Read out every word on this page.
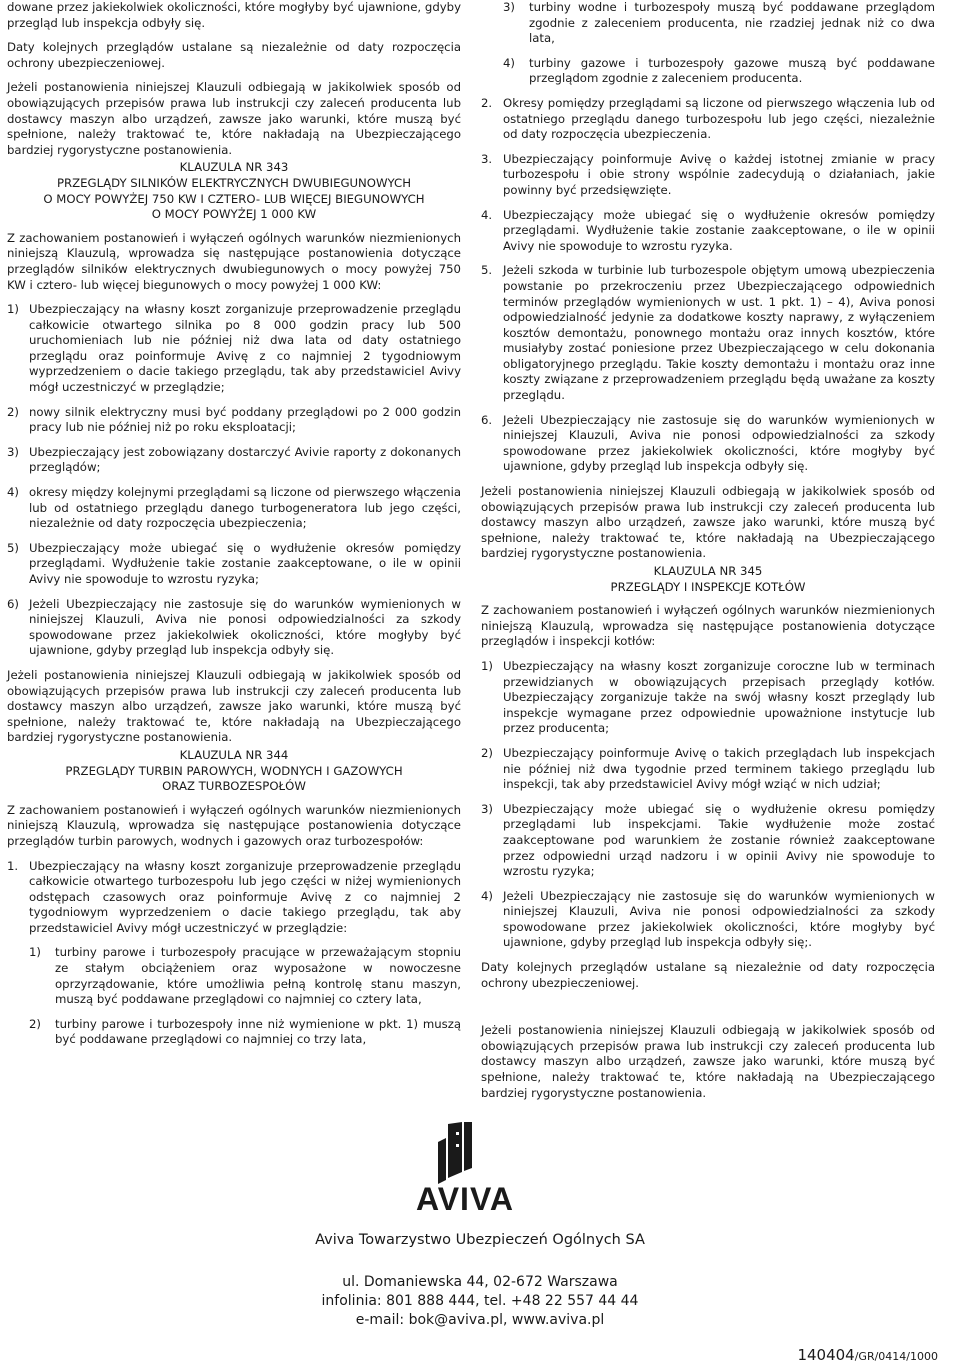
dowane przez jakiekolwiek okoliczności, które mogłyby być ujawnione, gdyby przegląd lub inspekcja odbyły się.

Daty kolejnych przeglądów ustalane są niezależnie od daty rozpoczęcia ochrony ubezpieczeniowej.

Jeżeli postanowienia niniejszej Klauzuli odbiegają w jakikolwiek sposób od obowiązujących przepisów prawa lub instrukcji czy zaleceń producenta lub dostawcy maszyn albo urządzeń, zawsze jako warunki, które muszą być spełnione, należy traktować te, które nakładają na Ubezpieczającego bardziej rygorystyczne postanowienia.

KLAUZULA NR 343
PRZEGLĄDY SILNIKÓW ELEKTRYCZNYCH DWUBIEGUNOWYCH
O MOCY POWYŻEJ 750 KW I CZTERO- LUB WIĘCEJ BIEGUNOWYCH
O MOCY POWYŻEJ 1 000 KW

Z zachowaniem postanowień i wyłączeń ogólnych warunków niezmienionych niniejszą Klauzulą, wprowadza się następujące postanowienia dotyczące przeglądów silników elektrycznych dwubiegunowych o mocy powyżej 750 KW i cztero- lub więcej biegunowych o mocy powyżej 1 000 KW:

1) Ubezpieczający na własny koszt zorganizuje przeprowadzenie przeglądu całkowicie otwartego silnika po 8 000 godzin pracy lub 500 uruchomieniach lub nie później niż dwa lata od daty ostatniego przeglądu oraz poinformuje Avivę z co najmniej 2 tygodniowym wyprzedzeniem o dacie takiego przeglądu, tak aby przedstawiciel Avivy mógł uczestniczyć w przeglądzie;
2) nowy silnik elektryczny musi być poddany przeglądowi po 2 000 godzin pracy lub nie później niż po roku eksploatacji;
3) Ubezpieczający jest zobowiązany dostarczyć Avivie raporty z dokonanych przeglądów;
4) okresy między kolejnymi przeglądami są liczone od pierwszego włączenia lub od ostatniego przeglądu danego turbogeneratora lub jego części, niezależnie od daty rozpoczęcia ubezpieczenia;
5) Ubezpieczający może ubiegać się o wydłużenie okresów pomiędzy przeglądami. Wydłużenie takie zostanie zaakceptowane, o ile w opinii Avivy nie spowoduje to wzrostu ryzyka;
6) Jeżeli Ubezpieczający nie zastosuje się do warunków wymienionych w niniejszej Klauzuli, Aviva nie ponosi odpowiedzialności za szkody spowodowane przez jakiekolwiek okoliczności, które mogłyby być ujawnione, gdyby przegląd lub inspekcja odbyły się.

Jeżeli postanowienia niniejszej Klauzuli odbiegają w jakikolwiek sposób od obowiązujących przepisów prawa lub instrukcji czy zaleceń producenta lub dostawcy maszyn albo urządzeń, zawsze jako warunki, które muszą być spełnione, należy traktować te, które nakładają na Ubezpieczającego bardziej rygorystyczne postanowienia.

KLAUZULA NR 344
PRZEGLĄDY TURBIN PAROWYCH, WODNYCH I GAZOWYCH
ORAZ TURBOZESPOŁÓW

Z zachowaniem postanowień i wyłączeń ogólnych warunków niezmienionych niniejszą Klauzulą, wprowadza się następujące postanowienia dotyczące przeglądów turbin parowych, wodnych i gazowych oraz turbozespołów:

1. Ubezpieczający na własny koszt zorganizuje przeprowadzenie przeglądu całkowicie otwartego turbozespołu lub jego części w niżej wymienionych odstępach czasowych oraz poinformuje Avivę z co najmniej 2 tygodniowym wyprzedzeniem o dacie takiego przeglądu, tak aby przedstawiciel Avivy mógł uczestniczyć w przeglądzie:
1)	turbiny parowe i turbozespoły pracujące w przeważającym stopniu ze stałym obciążeniem oraz wyposażone w nowoczesne oprzyrządowanie, które umożliwia pełną kontrolę stanu maszyn, muszą być poddawane przeglądowi co najmniej co cztery lata,
2)	turbiny parowe i turbozespoły inne niż wymienione w pkt. 1) muszą być poddawane przeglądowi co najmniej co trzy lata,
3)	turbiny wodne i turbozespoły muszą być poddawane przeglądom zgodnie z zaleceniem producenta, nie rzadziej jednak niż co dwa lata,
4)	turbiny gazowe i turbozespoły gazowe muszą być poddawane przeglądom zgodnie z zaleceniem producenta.
2. Okresy pomiędzy przeglądami są liczone od pierwszego włączenia lub od ostatniego przeglądu danego turbozespołu lub jego części, niezależnie od daty rozpoczęcia ubezpieczenia.
3. Ubezpieczający poinformuje Avivę o każdej istotnej zmianie w pracy turbozespołu i obie strony wspólnie zadecydują o działaniach, jakie powinny być przedsięwzięte.
4. Ubezpieczający może ubiegać się o wydłużenie okresów pomiędzy przeglądami. Wydłużenie takie zostanie zaakceptowane, o ile w opinii Avivy nie spowoduje to wzrostu ryzyka.
5. Jeżeli szkoda w turbinie lub turbozespole objętym umową ubezpieczenia powstanie po przekroczeniu przez Ubezpieczającego odpowiednich terminów przeglądów wymienionych w ust. 1 pkt. 1) – 4), Aviva ponosi odpowiedzialność jedynie za dodatkowe koszty naprawy, z wyłączeniem kosztów demontażu, ponownego montażu oraz innych kosztów, które musiałyby zostać poniesione przez Ubezpieczającego w celu dokonania obligatoryjnego przeglądu. Takie koszty demontażu i montażu oraz inne koszty związane z przeprowadzeniem przeglądu będą uważane za koszty przeglądu.
6. Jeżeli Ubezpieczający nie zastosuje się do warunków wymienionych w niniejszej Klauzuli, Aviva nie ponosi odpowiedzialności za szkody spowodowane przez jakiekolwiek okoliczności, które mogłyby być ujawnione, gdyby przegląd lub inspekcja odbyły się.

Jeżeli postanowienia niniejszej Klauzuli odbiegają w jakikolwiek sposób od obowiązujących przepisów prawa lub instrukcji czy zaleceń producenta lub dostawcy maszyn albo urządzeń, zawsze jako warunki, które muszą być spełnione, należy traktować te, które nakładają na Ubezpieczającego bardziej rygorystyczne postanowienia.

KLAUZULA NR 345
PRZEGLĄDY I INSPEKCJE KOTŁÓW

Z zachowaniem postanowień i wyłączeń ogólnych warunków niezmienionych niniejszą Klauzulą, wprowadza się następujące postanowienia dotyczące przeglądów i inspekcji kotłów:

1) Ubezpieczający na własny koszt zorganizuje coroczne lub w terminach przewidzianych w obowiązujących przepisach przeglądy kotłów. Ubezpieczający zorganizuje także na swój własny koszt przeglądy lub inspekcje wymagane przez odpowiednie upoważnione instytucje lub przez producenta;
2) Ubezpieczający poinformuje Avivę o takich przeglądach lub inspekcjach nie później niż dwa tygodnie przed terminem takiego przeglądu lub inspekcji, tak aby przedstawiciel Avivy mógł wziąć w nich udział;
3) Ubezpieczający może ubiegać się o wydłużenie okresu pomiędzy przeglądami lub inspekcjami. Takie wydłużenie może zostać zaakceptowane pod warunkiem że zostanie również zaakceptowane przez odpowiedni urząd nadzoru i w opinii Avivy nie spowoduje to wzrostu ryzyka;
4) Jeżeli Ubezpieczający nie zastosuje się do warunków wymienionych w niniejszej Klauzuli, Aviva nie ponosi odpowiedzialności za szkody spowodowane przez jakiekolwiek okoliczności, które mogłyby być ujawnione, gdyby przegląd lub inspekcja odbyły się;.

Daty kolejnych przeglądów ustalane są niezależnie od daty rozpoczęcia ochrony ubezpieczeniowej.

Jeżeli postanowienia niniejszej Klauzuli odbiegają w jakikolwiek sposób od obowiązujących przepisów prawa lub instrukcji czy zaleceń producenta lub dostawcy maszyn albo urządzeń, zawsze jako warunki, które muszą być spełnione, należy traktować te, które nakładają na Ubezpieczającego bardziej rygorystyczne postanowienia.

AVIVA
Aviva Towarzystwo Ubezpieczeń Ogólnych SA
ul. Domaniewska 44, 02-672 Warszawa
infolinia: 801 888 444, tel. +48 22 557 44 44
e-mail: bok@aviva.pl, www.aviva.pl
140404/GR/0414/1000
